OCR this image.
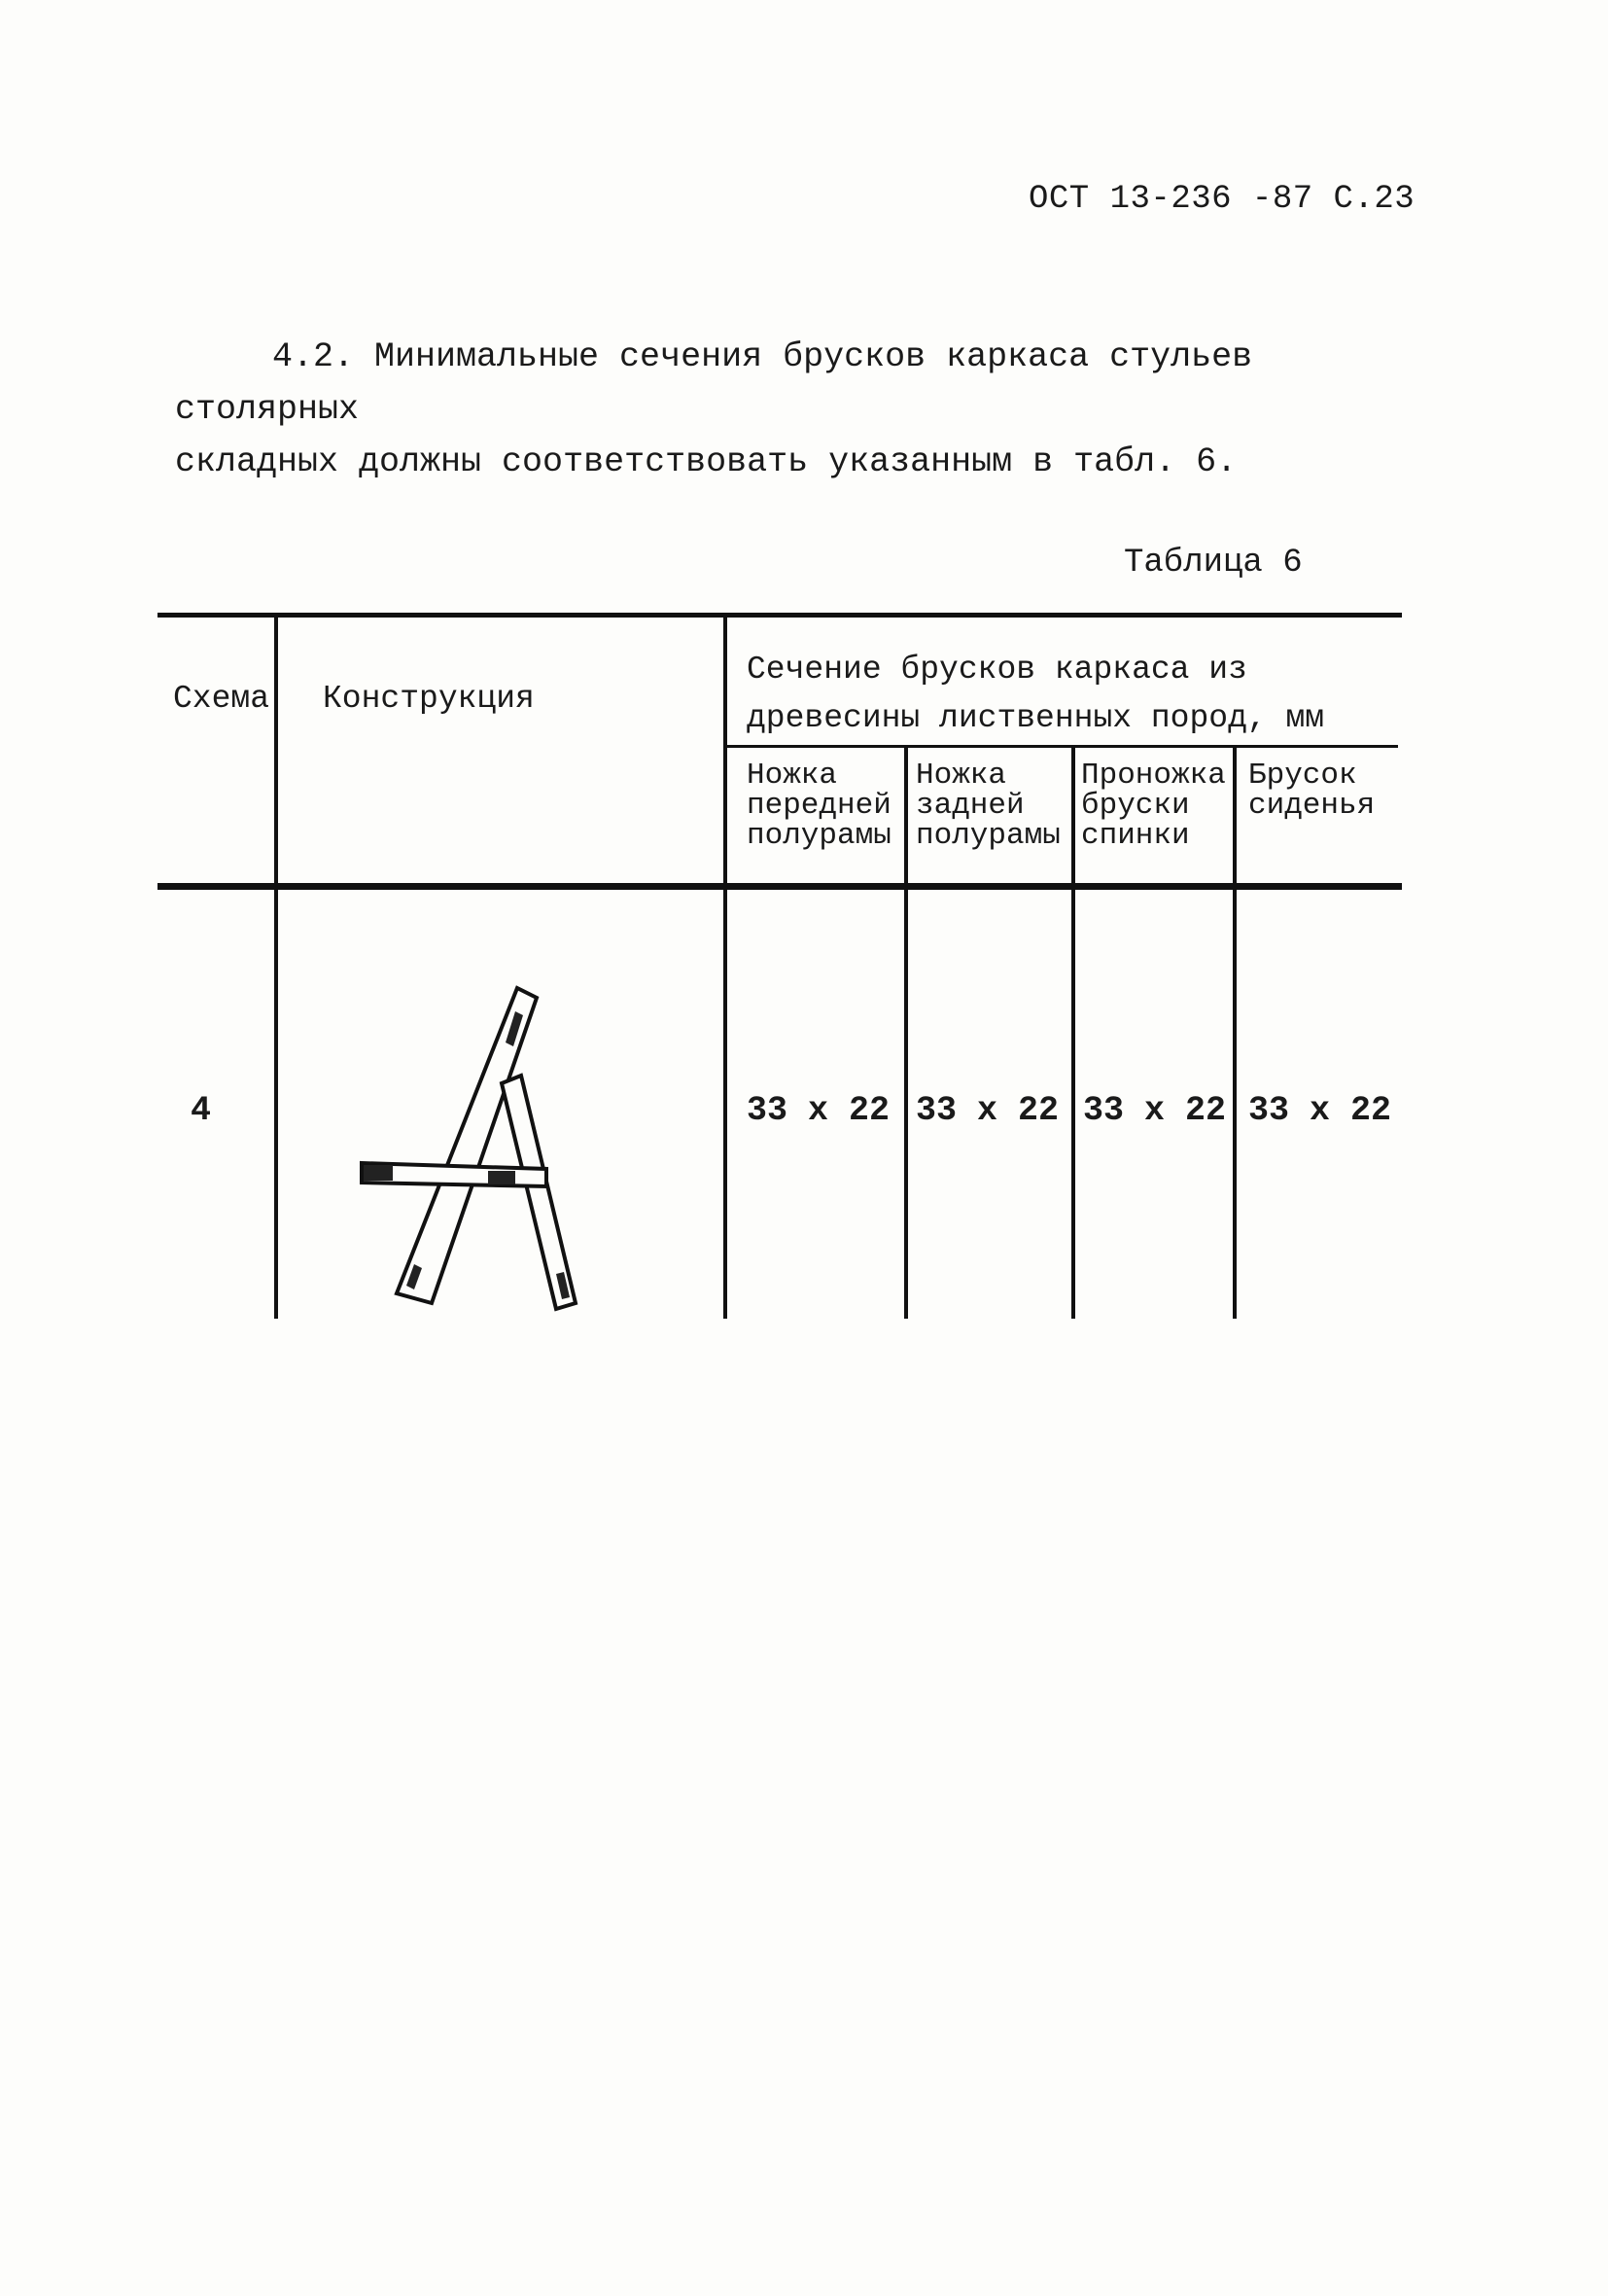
ОСТ 13-236 -87 С.23
4.2. Минимальные сечения брусков каркаса стульев столярных
складных должны соответствовать указанным в табл. 6.
Таблица 6
Схема Конструкция
Сечение брусков каркаса из
древесины лиственных пород, мм
Ножка
передней
полурамы
Ножка
задней
полурамы
Проножка
бруски
спинки
Брусок
сиденья
4	33 х 22 33 х 22 33 х 22 33 х 22
